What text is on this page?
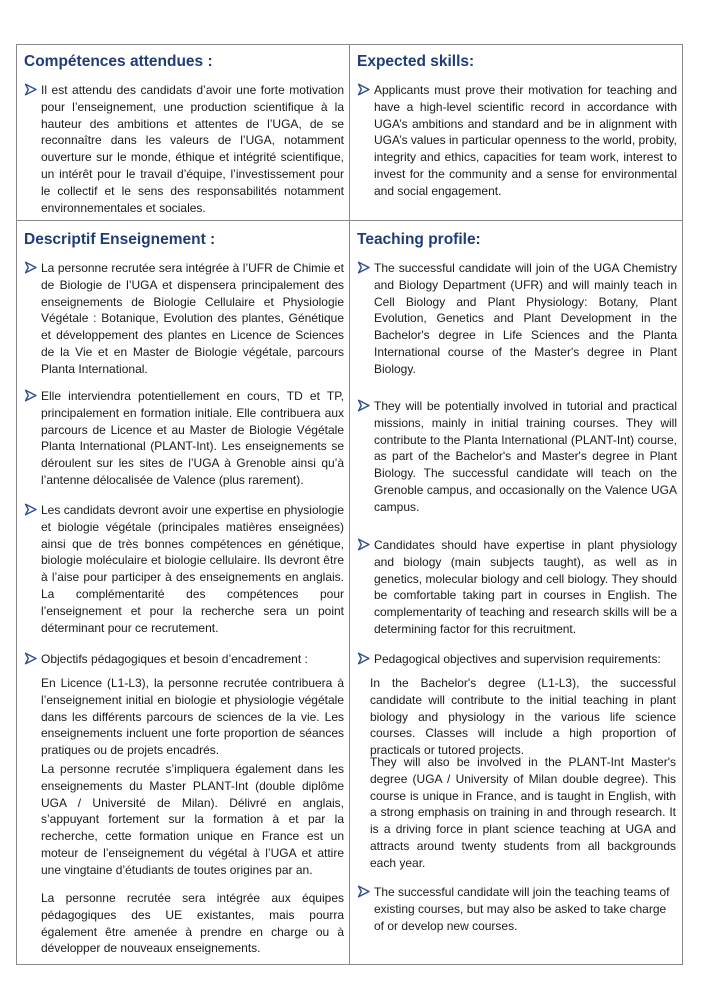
Compétences attendues :

Il est attendu des candidats d’avoir une forte motivation pour l’enseignement, une production scientifique à la hauteur des ambitions et attentes de l’UGA, de se reconnaître dans les valeurs de l’UGA, notamment ouverture sur le monde, éthique et intégrité scientifique, un intérêt pour le travail d’équipe, l’investissement pour le collectif et le sens des responsabilités notamment environnementales et sociales.

Descriptif Enseignement :

La personne recrutée sera intégrée à l’UFR de Chimie et de Biologie de l’UGA et dispensera principalement des enseignements de Biologie Cellulaire et Physiologie Végétale : Botanique, Evolution des plantes, Génétique et développement des plantes en Licence de Sciences de la Vie et en Master de Biologie végétale, parcours Planta International.

Elle interviendra potentiellement en cours, TD et TP, principalement en formation initiale. Elle contribuera aux parcours de Licence et au Master de Biologie Végétale Planta International (PLANT-Int). Les enseignements se déroulent sur les sites de l’UGA à Grenoble ainsi qu’à l’antenne délocalisée de Valence (plus rarement).

Les candidats devront avoir une expertise en physiologie et biologie végétale (principales matières enseignées) ainsi que de très bonnes compétences en génétique, biologie moléculaire et biologie cellulaire. Ils devront être à l’aise pour participer à des enseignements en anglais. La complémentarité des compétences pour l’enseignement et pour la recherche sera un point déterminant pour ce recrutement.

Objectifs pédagogiques et besoin d’encadrement :

En Licence (L1-L3), la personne recrutée contribuera à l’enseignement initial en biologie et physiologie végétale dans les différents parcours de sciences de la vie. Les enseignements incluent une forte proportion de séances pratiques ou de projets encadrés.

La personne recrutée s’impliquera également dans les enseignements du Master PLANT-Int (double diplôme UGA / Université de Milan). Délivré en anglais, s’appuyant fortement sur la formation à et par la recherche, cette formation unique en France est un moteur de l’enseignement du végétal à l’UGA et attire une vingtaine d’étudiants de toutes origines par an.

La personne recrutée sera intégrée aux équipes pédagogiques des UE existantes, mais pourra également être amenée à prendre en charge ou à développer de nouveaux enseignements.

Expected skills:

Applicants must prove their motivation for teaching and have a high-level scientific record in accordance with UGA’s ambitions and standard and be in alignment with UGA’s values in particular openness to the world, probity, integrity and ethics, capacities for team work, interest to invest for the community and a sense for environmental and social engagement.

Teaching profile:

The successful candidate will join of the UGA Chemistry and Biology Department (UFR) and will mainly teach in Cell Biology and Plant Physiology: Botany, Plant Evolution, Genetics and Plant Development in the Bachelor's degree in Life Sciences and the Planta International course of the Master's degree in Plant Biology.

They will be potentially involved in tutorial and practical missions, mainly in initial training courses. They will contribute to the Planta International (PLANT-Int) course, as part of the Bachelor's and Master's degree in Plant Biology. The successful candidate will teach on the Grenoble campus, and occasionally on the Valence UGA campus.

Candidates should have expertise in plant physiology and biology (main subjects taught), as well as in genetics, molecular biology and cell biology. They should be comfortable taking part in courses in English. The complementarity of teaching and research skills will be a determining factor for this recruitment.

Pedagogical objectives and supervision requirements:

In the Bachelor's degree (L1-L3), the successful candidate will contribute to the initial teaching in plant biology and physiology in the various life science courses. Classes will include a high proportion of practicals or tutored projects.

They will also be involved in the PLANT-Int Master's degree (UGA / University of Milan double degree). This course is unique in France, and is taught in English, with a strong emphasis on training in and through research. It is a driving force in plant science teaching at UGA and attracts around twenty students from all backgrounds each year.

The successful candidate will join the teaching teams of existing courses, but may also be asked to take charge of or develop new courses.
